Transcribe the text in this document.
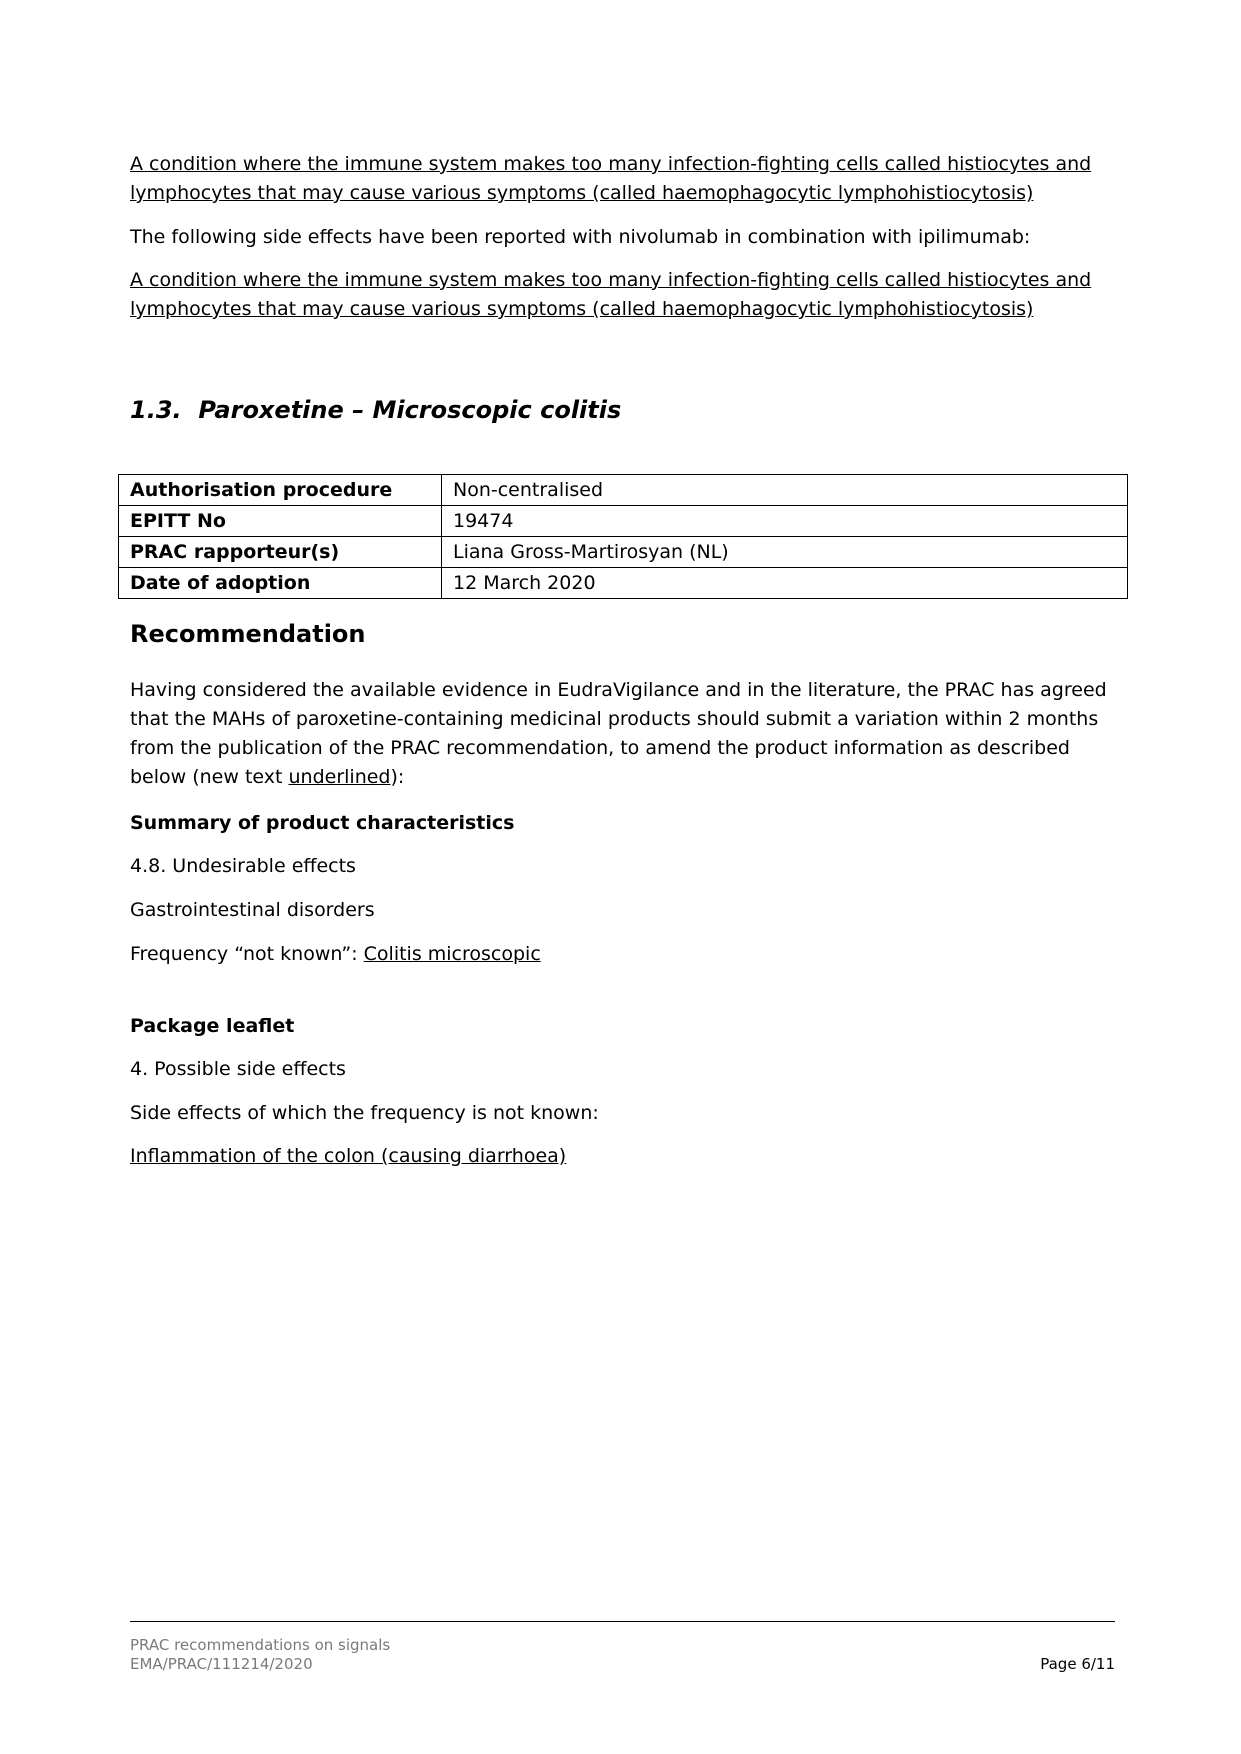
A condition where the immune system makes too many infection-fighting cells called histiocytes and
lymphocytes that may cause various symptoms (called haemophagocytic lymphohistiocytosis)

The following side effects have been reported with nivolumab in combination with ipilimumab:

A condition where the immune system makes too many infection-fighting cells called histiocytes and
lymphocytes that may cause various symptoms (called haemophagocytic lymphohistiocytosis)

1.3. Paroxetine – Microscopic colitis
Authorisation procedure	Non-centralised
EPITT No	19474
PRAC rapporteur(s)	Liana Gross-Martirosyan (NL)
Date of adoption	12 March 2020
Recommendation

Having considered the available evidence in EudraVigilance and in the literature, the PRAC has agreed
that the MAHs of paroxetine-containing medicinal products should submit a variation within 2 months
from the publication of the PRAC recommendation, to amend the product information as described
below (new text underlined):

Summary of product characteristics

4.8. Undesirable effects

Gastrointestinal disorders

Frequency “not known”: Colitis microscopic

Package leaflet

4. Possible side effects

Side effects of which the frequency is not known:

Inflammation of the colon (causing diarrhoea)

PRAC recommendations on signals
EMA/PRAC/111214/2020	Page 6/11
